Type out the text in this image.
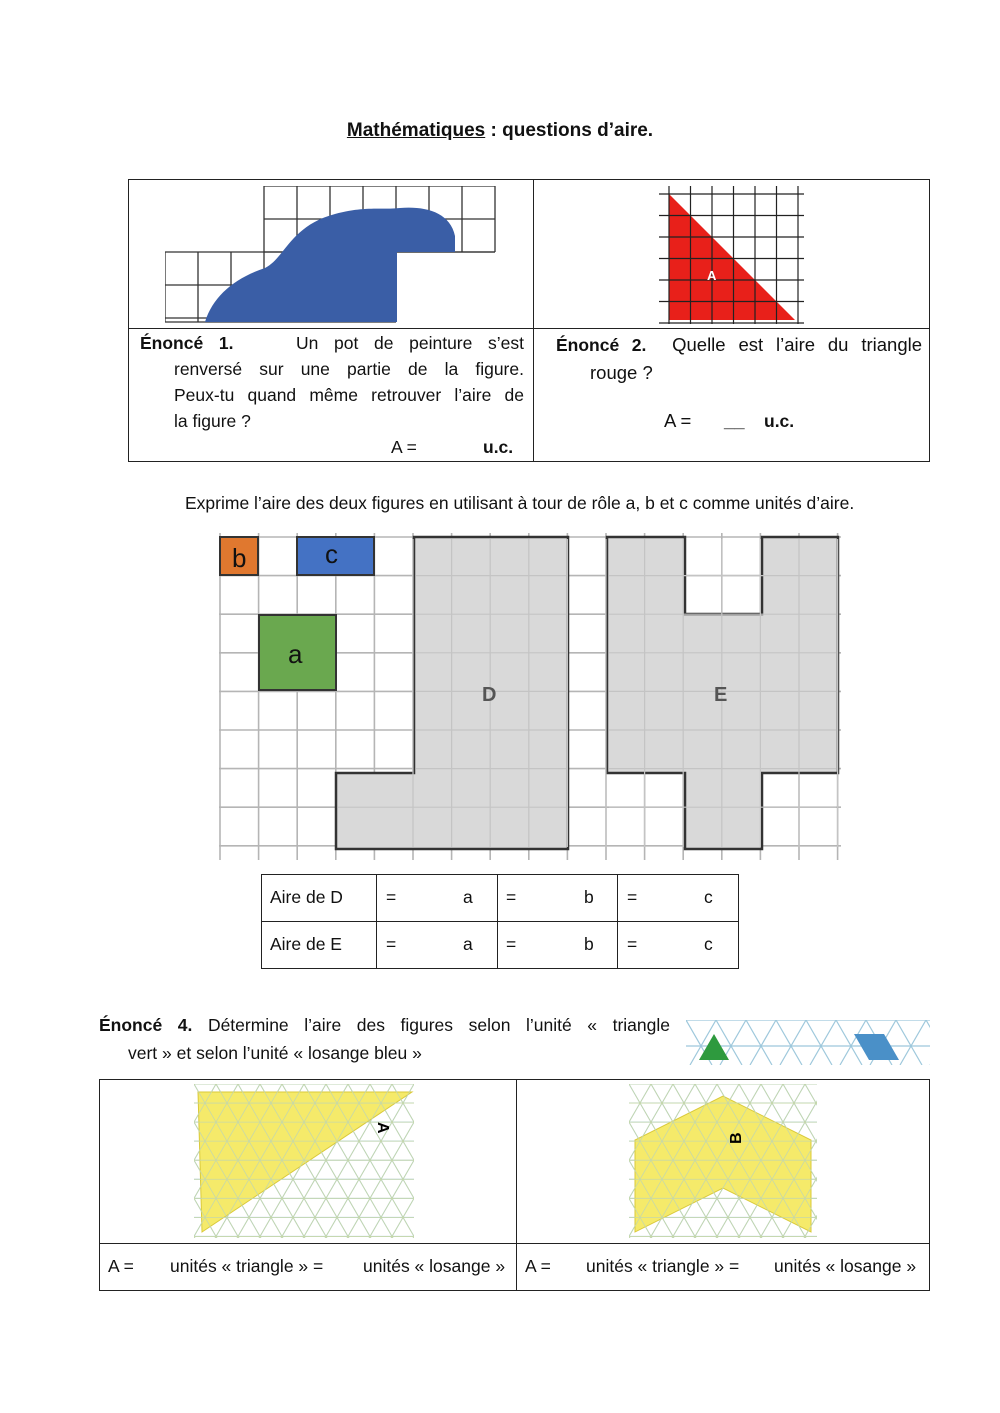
Mathématiques : questions d’aire.
A
Énoncé 1.	Un pot de peinture s’est
renversé sur une partie de la figure.
Peux-tu quand même retrouver l’aire de
la figure ?
A =	u.c.
Énoncé 2. Quelle est l’aire du triangle
rouge ?
A = __ u.c.
Exprime l’aire des deux figures en utilisant à tour de rôle a, b et c comme unités d’aire.
b	c
a
D	E
Aire de D =	a =	b =	c
Aire de E	=	a =	b =	c
Énoncé 4. Détermine l’aire des figures selon l’unité « triangle
vert » et selon l’unité « losange bleu »
A
B
A = unités « triangle » = unités « losange » A = unités « triangle » = unités « losange »
